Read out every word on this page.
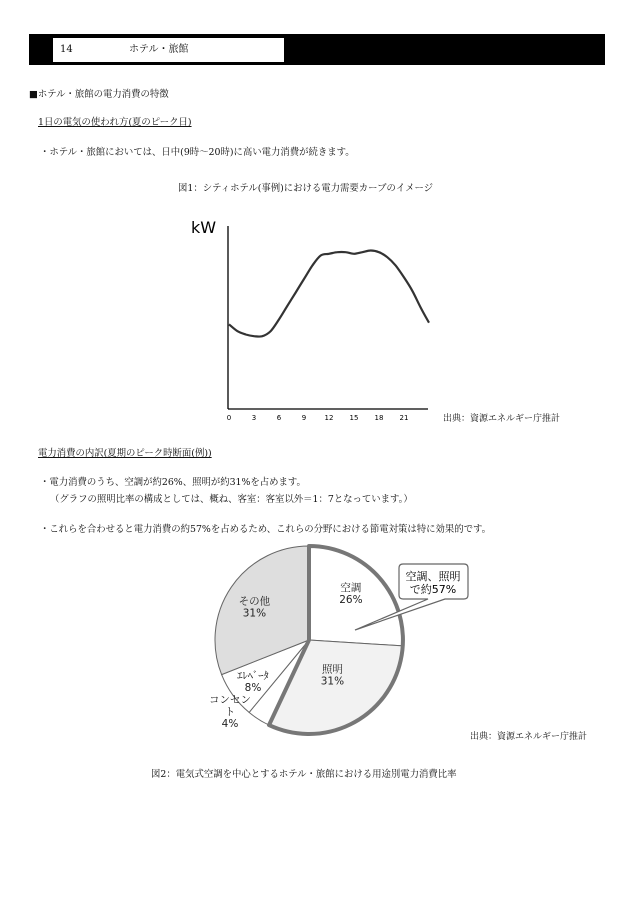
14	ホテル・旅館
■ホテル・旅館の電力消費の特徴
1日の電気の使われ方(夏のピーク日)
・ホテル・旅館においては、日中(9時〜20時)に高い電力消費が続きます。
図1：シティホテル(事例)における電力需要カーブのイメージ
kW
0	3	6	9	12 15 18 21
空調
26%
照明
31%
コンセン
ト
4%
ｴﾚﾍﾞｰﾀ
8%
その他
31%
空調、照明
で約57%
出典：資源エネルギー庁推計
電力消費の内訳(夏期のピーク時断面(例))
・電力消費のうち、空調が約26%、照明が約31%を占めます。
（グラフの照明比率の構成としては、概ね、客室：客室以外＝1：7となっています。）
・これらを合わせると電力消費の約57%を占めるため、これらの分野における節電対策は特に効果的です。
出典：資源エネルギー庁推計
図2：電気式空調を中心とするホテル・旅館における用途別電力消費比率
